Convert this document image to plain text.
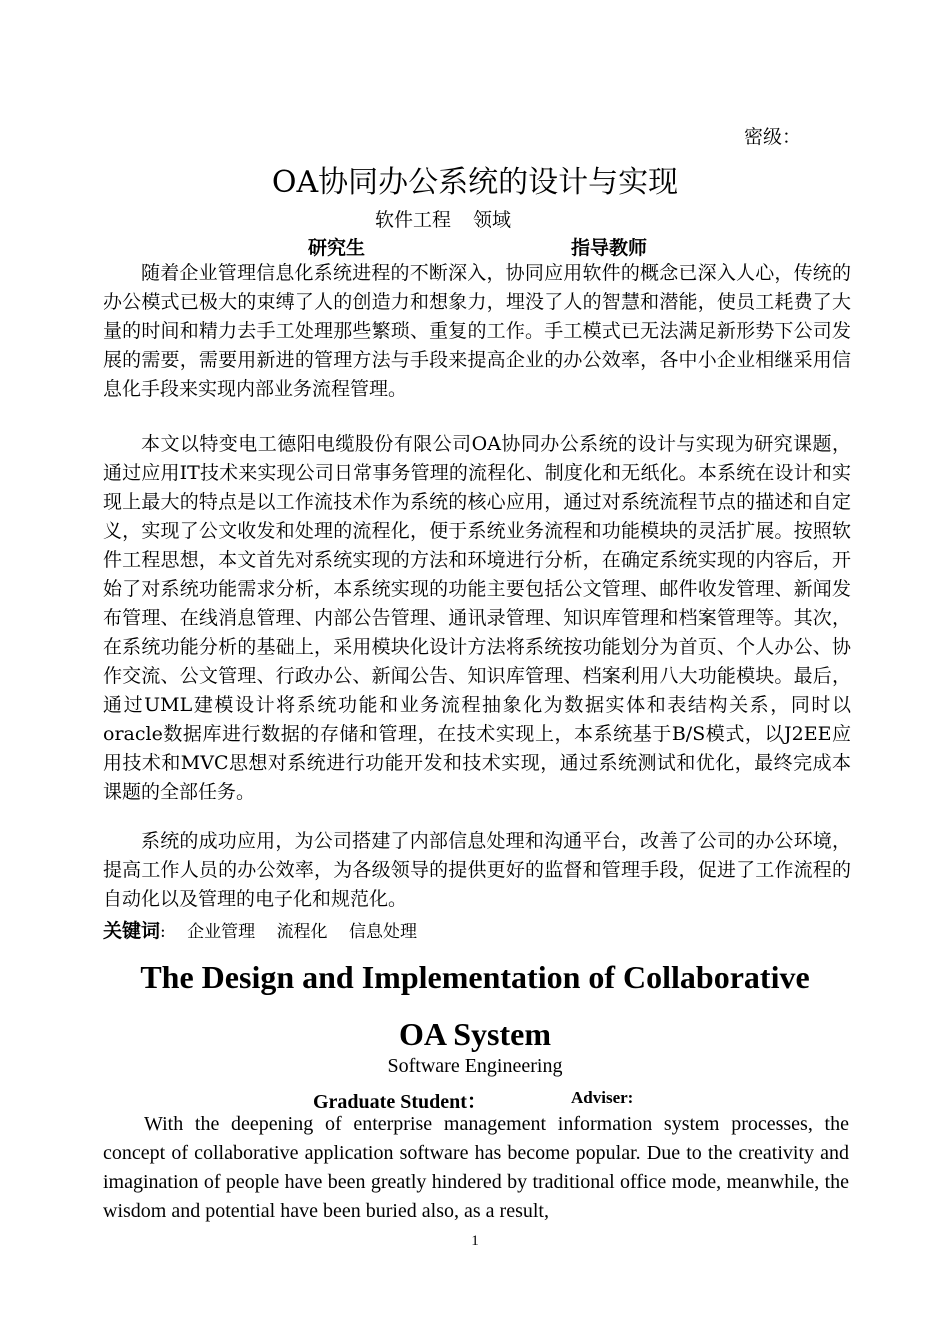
密级：
OA协同办公系统的设计与实现
软件工程 领域
研究生	指导教师

随着企业管理信息化系统进程的不断深入，协同应用软件的概念已深入人心，传统的办公模式已极大的束缚了人的创造力和想象力，埋没了人的智慧和潜能，使员工耗费了大量的时间和精力去手工处理那些繁琐、重复的工作。手工模式已无法满足新形势下公司发展的需要，需要用新进的管理方法与手段来提高企业的办公效率，各中小企业相继采用信息化手段来实现内部业务流程管理。

本文以特变电工德阳电缆股份有限公司OA协同办公系统的设计与实现为研究课题，通过应用IT技术来实现公司日常事务管理的流程化、制度化和无纸化。本系统在设计和实现上最大的特点是以工作流技术作为系统的核心应用，通过对系统流程节点的描述和自定义，实现了公文收发和处理的流程化，便于系统业务流程和功能模块的灵活扩展。按照软件工程思想，本文首先对系统实现的方法和环境进行分析，在确定系统实现的内容后，开始了对系统功能需求分析，本系统实现的功能主要包括公文管理、邮件收发管理、新闻发布管理、在线消息管理、内部公告管理、通讯录管理、知识库管理和档案管理等。其次，在系统功能分析的基础上，采用模块化设计方法将系统按功能划分为首页、个人办公、协作交流、公文管理、行政办公、新闻公告、知识库管理、档案利用八大功能模块。最后，通过UML建模设计将系统功能和业务流程抽象化为数据实体和表结构关系，同时以oracle数据库进行数据的存储和管理，在技术实现上，本系统基于B/S模式，以J2EE应用技术和MVC思想对系统进行功能开发和技术实现，通过系统测试和优化，最终完成本课题的全部任务。

系统的成功应用，为公司搭建了内部信息处理和沟通平台，改善了公司的办公环境，提高工作人员的办公效率，为各级领导的提供更好的监督和管理手段，促进了工作流程的自动化以及管理的电子化和规范化。

关键词: 企业管理 流程化 信息处理
The Design and Implementation of Collaborative
OA System
Software Engineering
Graduate Student：	Adviser:

With the deepening of enterprise management information system processes, the concept of collaborative application software has become popular. Due to the creativity and imagination of people have been greatly hindered by traditional office mode, meanwhile, the wisdom and potential have been buried also, as a result,

1
